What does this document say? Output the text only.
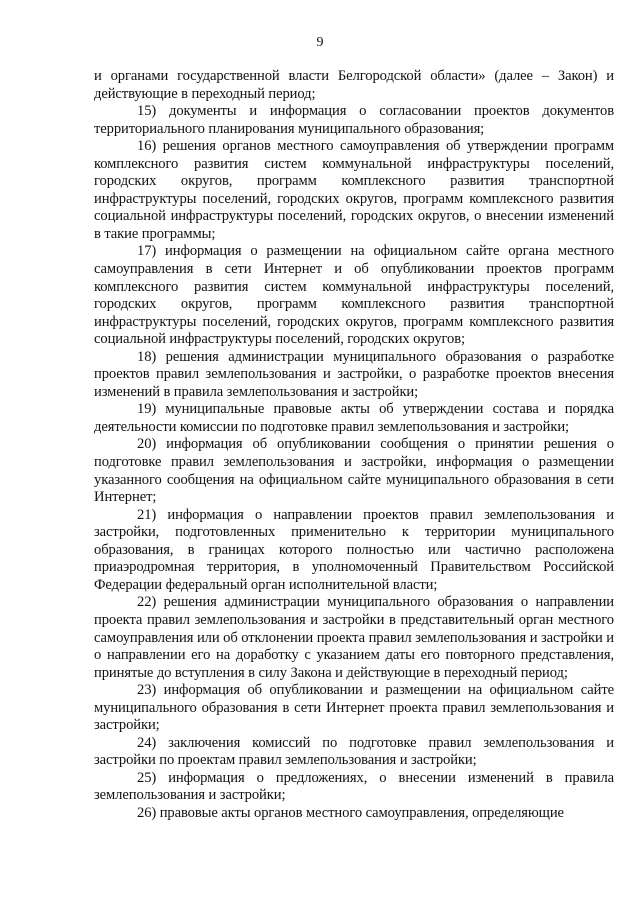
9

и органами государственной власти Белгородской области» (далее – Закон) и действующие в переходный период;

15) документы и информация о согласовании проектов документов территориального планирования муниципального образования;

16) решения органов местного самоуправления об утверждении программ комплексного развития систем коммунальной инфраструктуры поселений, городских округов, программ комплексного развития транспортной инфраструктуры поселений, городских округов, программ комплексного развития социальной инфраструктуры поселений, городских округов, о внесении изменений в такие программы;

17) информация о размещении на официальном сайте органа местного самоуправления в сети Интернет и об опубликовании проектов программ комплексного развития систем коммунальной инфраструктуры поселений, городских округов, программ комплексного развития транспортной инфраструктуры поселений, городских округов, программ комплексного развития социальной инфраструктуры поселений, городских округов;

18) решения администрации муниципального образования о разработке проектов правил землепользования и застройки, о разработке проектов внесения изменений в правила землепользования и застройки;

19) муниципальные правовые акты об утверждении состава и порядка деятельности комиссии по подготовке правил землепользования и застройки;

20) информация об опубликовании сообщения о принятии решения о подготовке правил землепользования и застройки, информация о размещении указанного сообщения на официальном сайте муниципального образования в сети Интернет;

21) информация о направлении проектов правил землепользования и застройки, подготовленных применительно к территории муниципального образования, в границах которого полностью или частично расположена приаэродромная территория, в уполномоченный Правительством Российской Федерации федеральный орган исполнительной власти;

22) решения администрации муниципального образования о направлении проекта правил землепользования и застройки в представительный орган местного самоуправления или об отклонении проекта правил землепользования и застройки и о направлении его на доработку с указанием даты его повторного представления, принятые до вступления в силу Закона и действующие в переходный период;

23) информация об опубликовании и размещении на официальном сайте муниципального образования в сети Интернет проекта правил землепользования и застройки;

24) заключения комиссий по подготовке правил землепользования и застройки по проектам правил землепользования и застройки;

25) информация о предложениях, о внесении изменений в правила землепользования и застройки;

26) правовые акты органов местного самоуправления, определяющие
